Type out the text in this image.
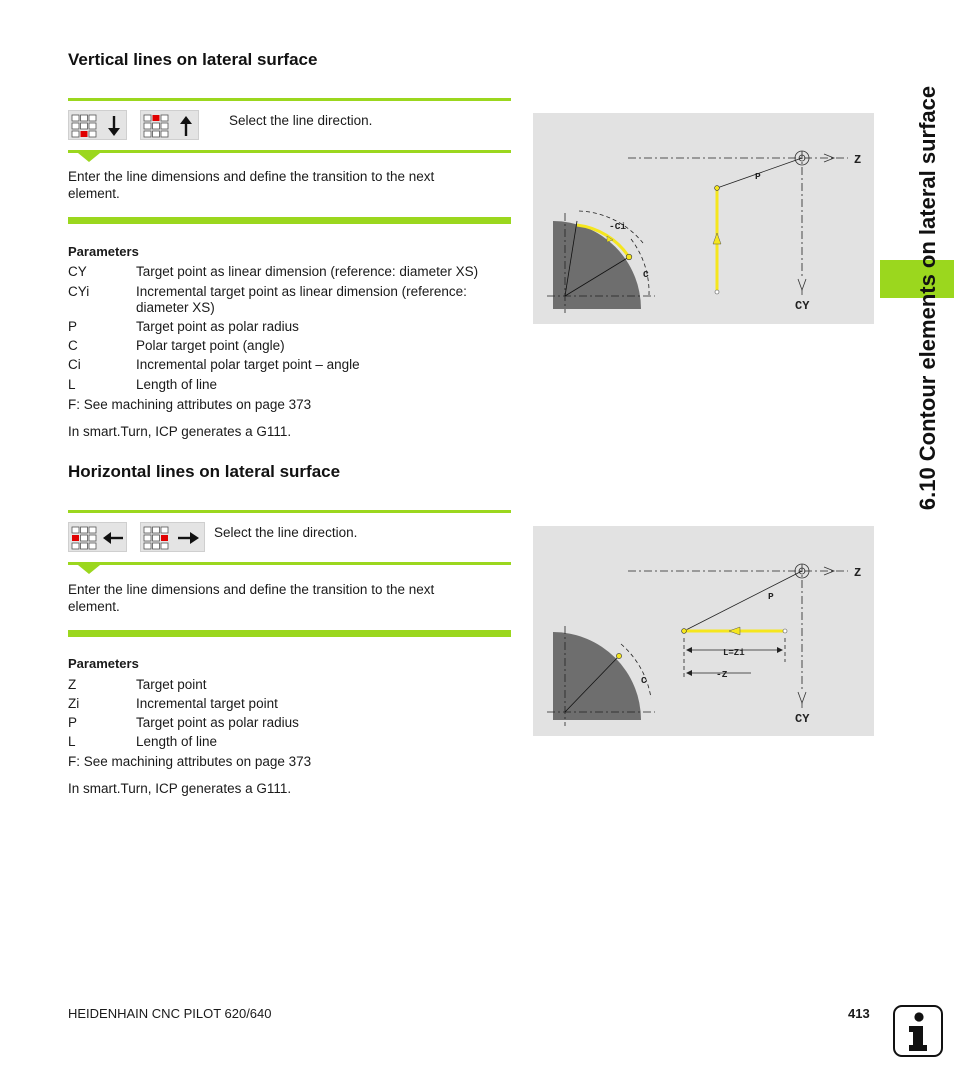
Vertical lines on lateral surface
Select the line direction.
Enter the line dimensions and define the transition to the next
element.
Parameters
CY	Target point as linear dimension (reference: diameter XS)
CYi	Incremental target point as linear dimension (reference:
diameter XS)
P	Target point as polar radius
C	Polar target point (angle)
Ci	Incremental polar target point – angle
L	Length of line
F: See machining attributes on page 373
In smart.Turn, ICP generates a G111.
-Ci
C
Z
CY
P
Horizontal lines on lateral surface
Select the line direction.
Enter the line dimensions and define the transition to the next
element.
Parameters
Z	Target point
Zi	Incremental target point
P	Target point as polar radius
L	Length of line
F: See machining attributes on page 373
In smart.Turn, ICP generates a G111.
C
Z
CY
P
L=Zi
-Z
6.10 Contour elements on lateral surface
HEIDENHAIN CNC PILOT 620/640	413
